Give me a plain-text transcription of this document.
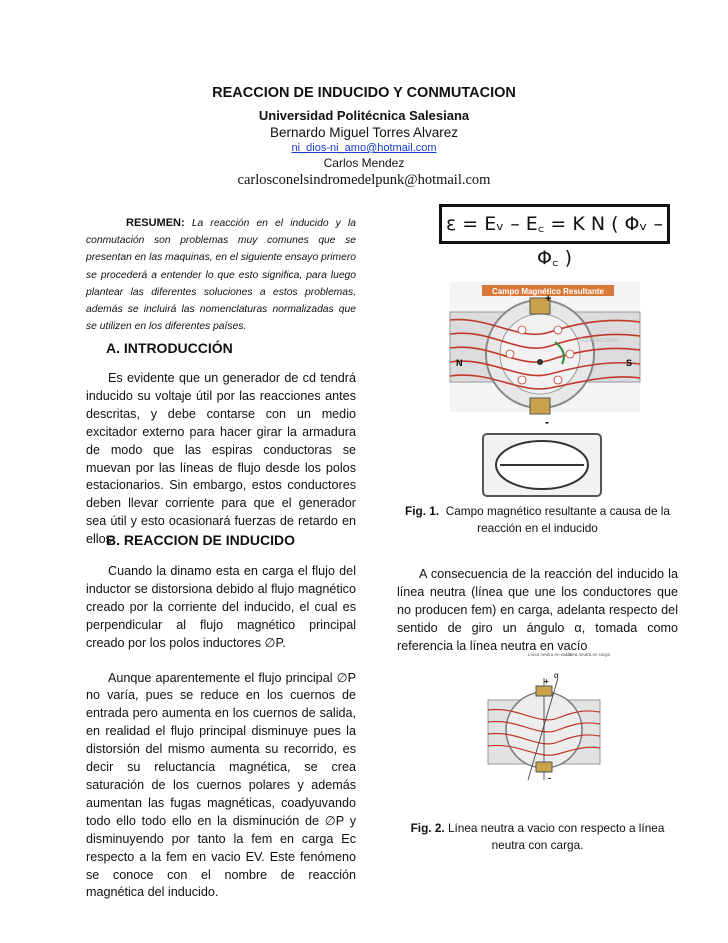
REACCION DE INDUCIDO Y CONMUTACION
Universidad Politécnica Salesiana
Bernardo Miguel Torres Alvarez
ni_dios-ni_amo@hotmail.com
Carlos Mendez
carlosconelsindromedelpunk@hotmail.com
RESUMEN: La reacción en el inducido y la conmutación son problemas muy comunes que se presentan en las maquinas, en el siguiente ensayo primero se procederá a entender lo que esto significa, para luego plantear las diferentes soluciones a estos problemas, además se incluirá las nomenclaturas normalizadas que se utilizen en los diferentes países.
A. INTRODUCCIÓN

Es evidente que un generador de cd tendrá inducido su voltaje útil por las reacciones antes descritas, y debe contarse con un medio excitador externo para hacer girar la armadura de modo que las espiras conductoras se muevan por las líneas de flujo desde los polos estacionarios. Sin embargo, estos conductores deben llevar corriente para que el generador sea útil y esto ocasionará fuerzas de retardo en ellos

B. REACCION DE INDUCIDO

Cuando la dinamo esta en carga el flujo del inductor se distorsiona debido al flujo magnético creado por la corriente del inducido, el cual es perpendicular al flujo magnético principal creado por los polos inductores ∅P.

Aunque aparentemente el flujo principal ∅P no varía, pues se reduce en los cuernos de entrada pero aumenta en los cuernos de salida, en realidad el flujo principal disminuye pues la distorsión del mismo aumenta su recorrido, es decir su reluctancia magnética, se crea saturación de los cuernos polares y además aumentan las fugas magnéticas, coadyuvando todo ello todo ello en la disminución de ∅P y disminuyendo por tanto la fem en carga Ec respecto a la fem en vacio EV. Este fenómeno se conoce con el nombre de reacción magnética del inducido.

ε = Eᵥ – E꜀ = K N ( Φᵥ – Φ꜀ )
Campo Magnético Resultante
+
-
N	S
fuveras.com
Fig. 1. Campo magnético resultante a causa de la reacción en el inducido

A consecuencia de la reacción del inducido la línea neutra (línea que une los conductores que no producen fem) en carga, adelanta respecto del sentido de giro un ángulo α, tomada como referencia la línea neutra en vacío

Línea neutra en vacío
Línea neutra en carga
+
-
α
Fig. 2. Línea neutra a vacio con respecto a línea neutra con carga.
